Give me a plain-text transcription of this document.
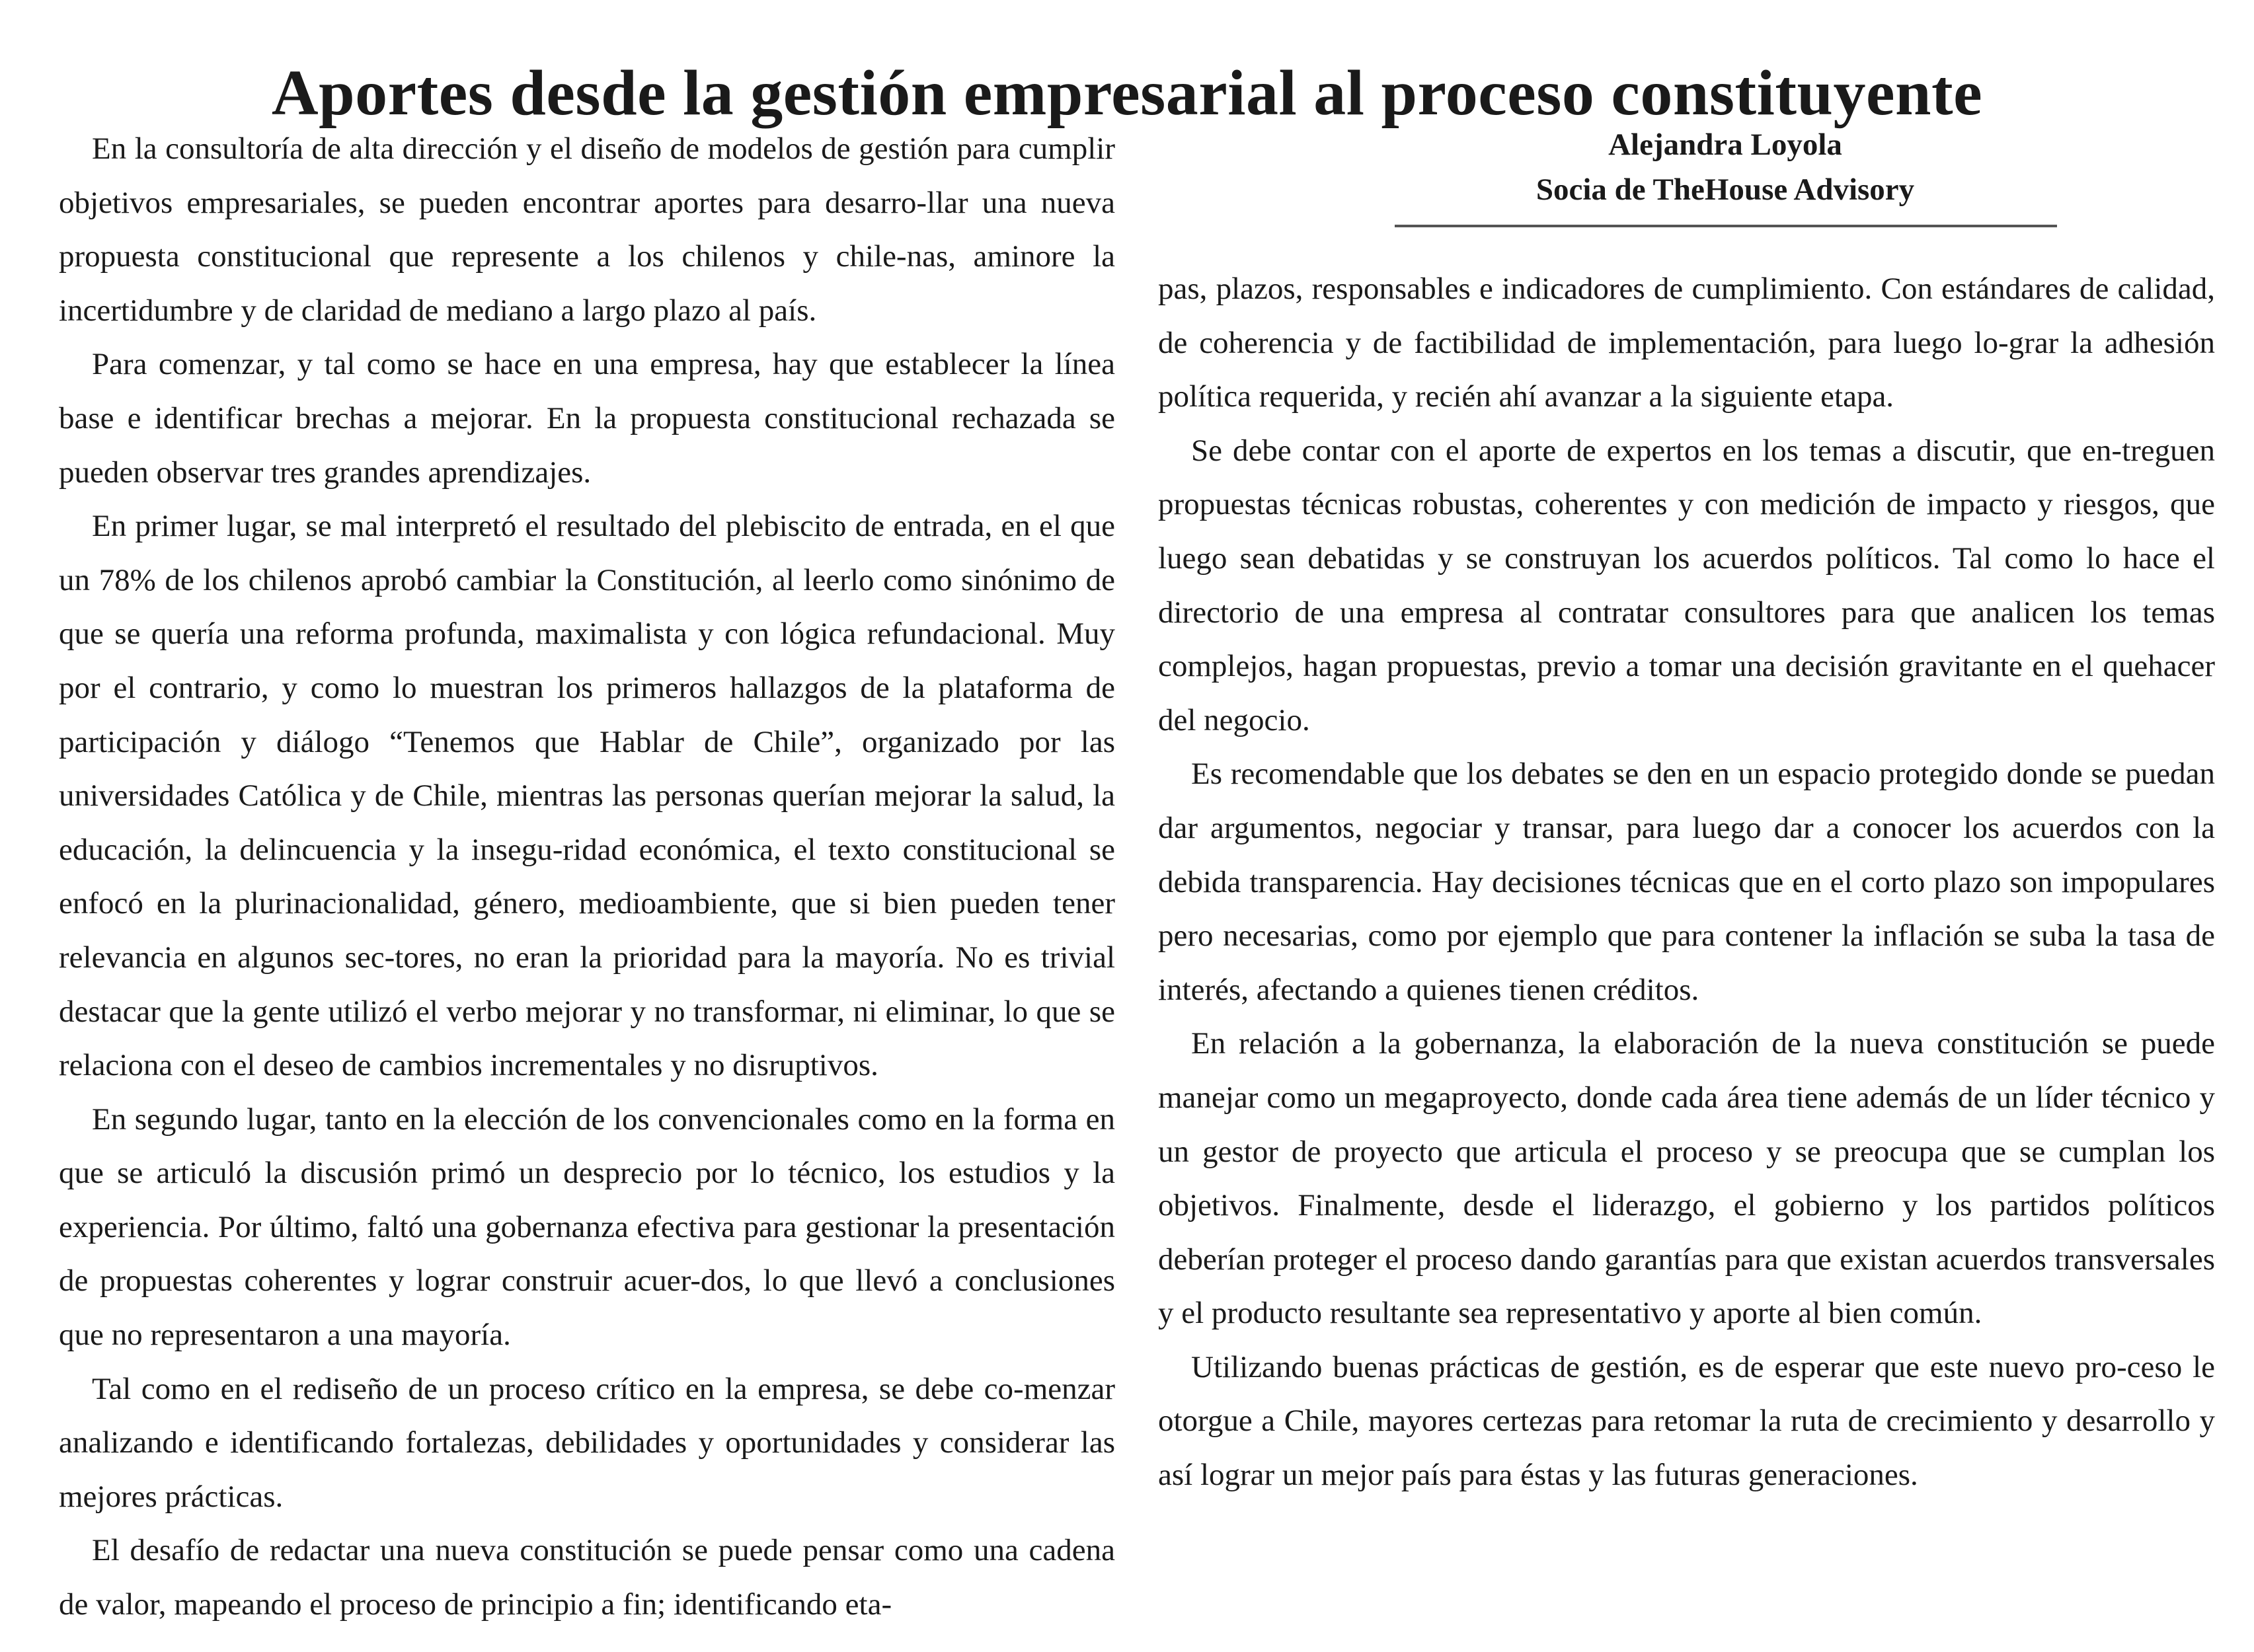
Aportes desde la gestión empresarial al proceso constituyente

En la consultoría de alta dirección y el diseño de modelos de gestión para cumplir objetivos empresariales, se pueden encontrar aportes para desarro-llar una nueva propuesta constitucional que represente a los chilenos y chile-nas, aminore la incertidumbre y de claridad de mediano a largo plazo al país.

Para comenzar, y tal como se hace en una empresa, hay que establecer la línea base e identificar brechas a mejorar. En la propuesta constitucional rechazada se pueden observar tres grandes aprendizajes.

En primer lugar, se mal interpretó el resultado del plebiscito de entrada, en el que un 78% de los chilenos aprobó cambiar la Constitución, al leerlo como sinónimo de que se quería una reforma profunda, maximalista y con lógica refundacional. Muy por el contrario, y como lo muestran los primeros hallazgos de la plataforma de participación y diálogo “Tenemos que Hablar de Chile”, organizado por las universidades Católica y de Chile, mientras las personas querían mejorar la salud, la educación, la delincuencia y la insegu-ridad económica, el texto constitucional se enfocó en la plurinacionalidad, género, medioambiente, que si bien pueden tener relevancia en algunos sec-tores, no eran la prioridad para la mayoría. No es trivial destacar que la gente utilizó el verbo mejorar y no transformar, ni eliminar, lo que se relaciona con el deseo de cambios incrementales y no disruptivos.

En segundo lugar, tanto en la elección de los convencionales como en la forma en que se articuló la discusión primó un desprecio por lo técnico, los estudios y la experiencia. Por último, faltó una gobernanza efectiva para gestionar la presentación de propuestas coherentes y lograr construir acuer-dos, lo que llevó a conclusiones que no representaron a una mayoría.

Tal como en el rediseño de un proceso crítico en la empresa, se debe co-menzar analizando e identificando fortalezas, debilidades y oportunidades y considerar las mejores prácticas.

El desafío de redactar una nueva constitución se puede pensar como una cadena de valor, mapeando el proceso de principio a fin; identificando eta-

Alejandra Loyola
Socia de TheHouse Advisory

pas, plazos, responsables e indicadores de cumplimiento. Con estándares de calidad, de coherencia y de factibilidad de implementación, para luego lo-grar la adhesión política requerida, y recién ahí avanzar a la siguiente etapa.

Se debe contar con el aporte de expertos en los temas a discutir, que en-treguen propuestas técnicas robustas, coherentes y con medición de impacto y riesgos, que luego sean debatidas y se construyan los acuerdos políticos. Tal como lo hace el directorio de una empresa al contratar consultores para que analicen los temas complejos, hagan propuestas, previo a tomar una decisión gravitante en el quehacer del negocio.

Es recomendable que los debates se den en un espacio protegido donde se puedan dar argumentos, negociar y transar, para luego dar a conocer los acuerdos con la debida transparencia. Hay decisiones técnicas que en el corto plazo son impopulares pero necesarias, como por ejemplo que para contener la inflación se suba la tasa de interés, afectando a quienes tienen créditos.

En relación a la gobernanza, la elaboración de la nueva constitución se puede manejar como un megaproyecto, donde cada área tiene además de un líder técnico y un gestor de proyecto que articula el proceso y se preocupa que se cumplan los objetivos. Finalmente, desde el liderazgo, el gobierno y los partidos políticos deberían proteger el proceso dando garantías para que existan acuerdos transversales y el producto resultante sea representativo y aporte al bien común.

Utilizando buenas prácticas de gestión, es de esperar que este nuevo pro-ceso le otorgue a Chile, mayores certezas para retomar la ruta de crecimiento y desarrollo y así lograr un mejor país para éstas y las futuras generaciones.
